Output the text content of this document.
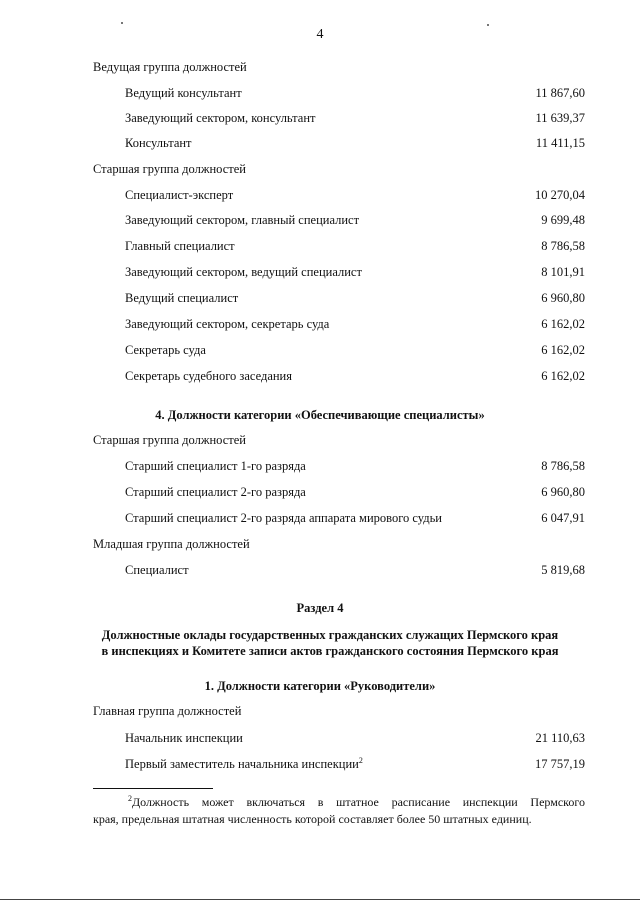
4
Ведущая группа должностей
Ведущий консультант	11 867,60
Заведующий сектором, консультант	11 639,37
Консультант	11 411,15
Старшая группа должностей
Специалист-эксперт	10 270,04
Заведующий сектором, главный специалист	9 699,48
Главный специалист	8 786,58
Заведующий сектором, ведущий специалист	8 101,91
Ведущий специалист	6 960,80
Заведующий сектором, секретарь суда	6 162,02
Секретарь суда	6 162,02
Секретарь судебного заседания	6 162,02
4. Должности категории «Обеспечивающие специалисты»
Старшая группа должностей
Старший специалист 1-го разряда	8 786,58
Старший специалист 2-го разряда	6 960,80
Старший специалист 2-го разряда аппарата мирового судьи	6 047,91
Младшая группа должностей
Специалист	5 819,68
Раздел 4
Должностные оклады государственных гражданских служащих Пермского края
в инспекциях и Комитете записи актов гражданского состояния Пермского края
1. Должности категории «Руководители»
Главная группа должностей
Начальник инспекции	21 110,63
Первый заместитель начальника инспекции$^2$	17 757,19
$^2$Должность может включаться в штатное расписание инспекции Пермского
края, предельная штатная численность которой составляет более 50 штатных единиц.
